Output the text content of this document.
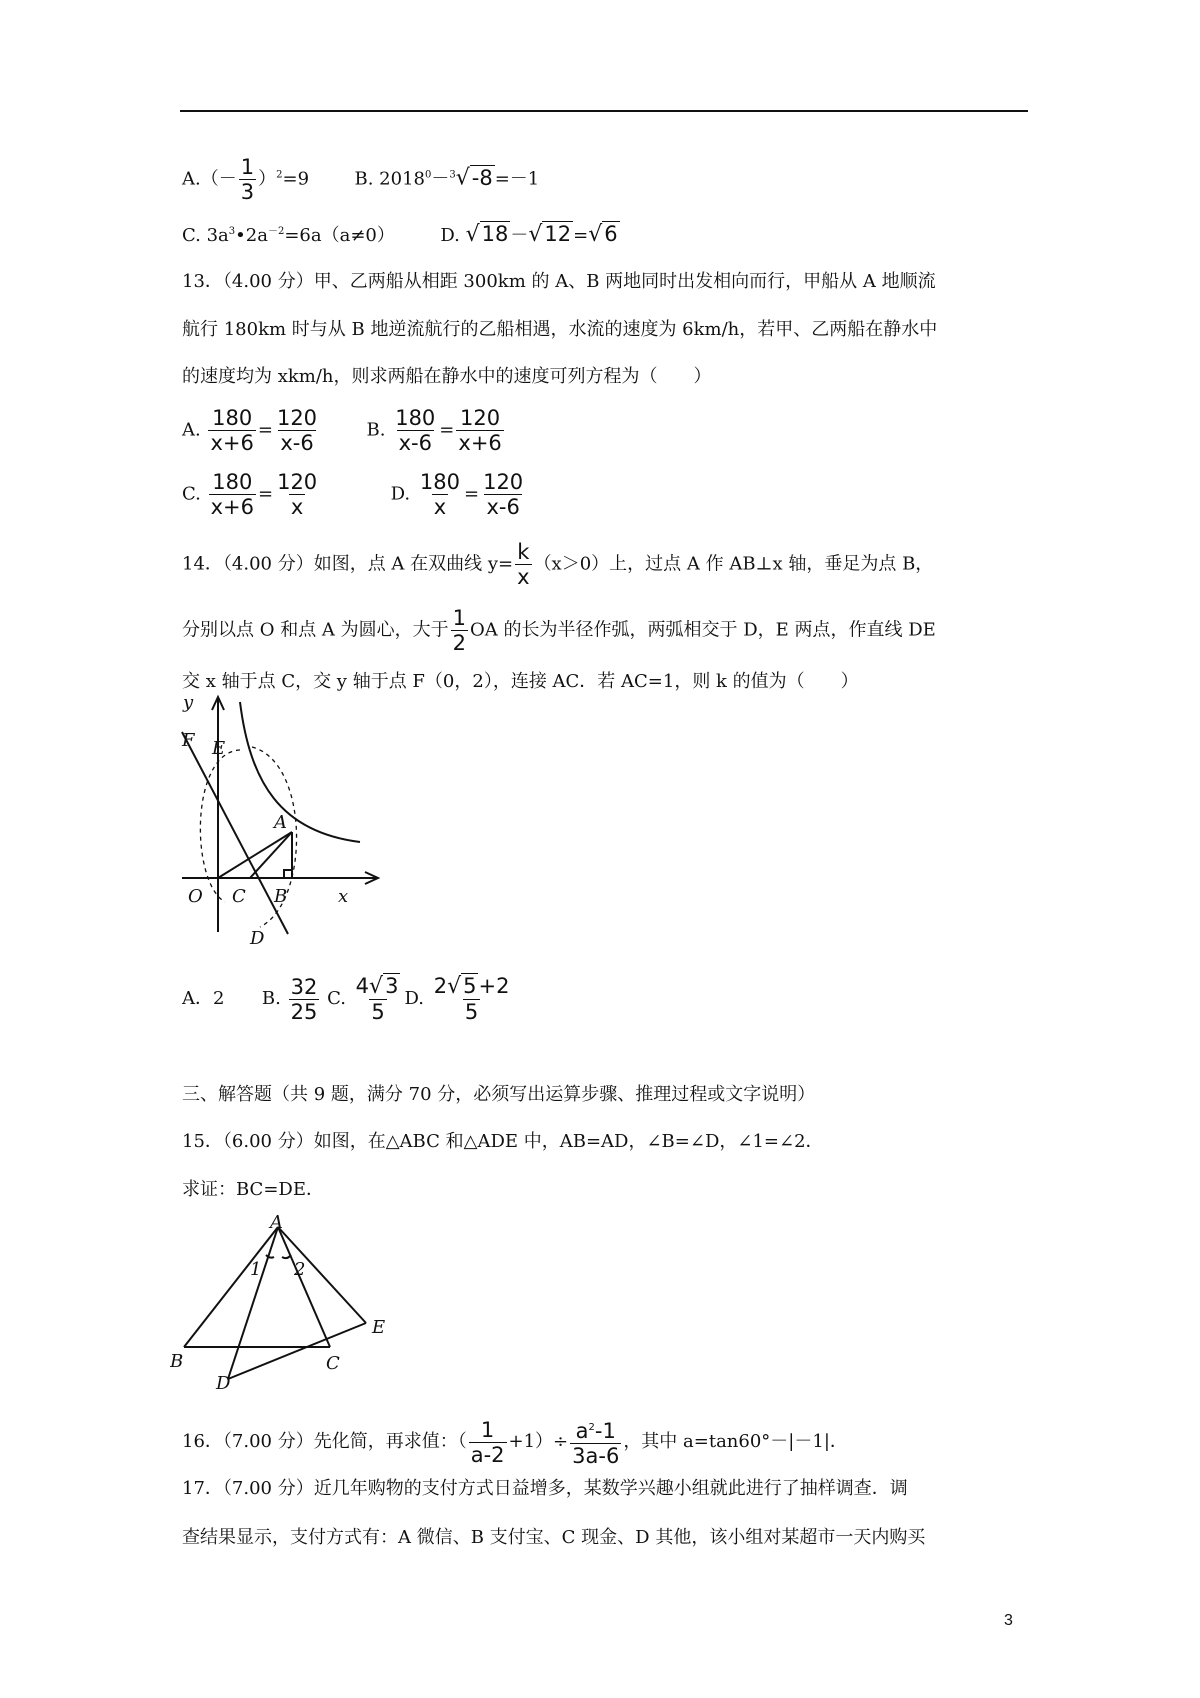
$A.(- \frac{1}{3} )^2=9$	B. $2018^0-^3√-8 =-1$
C. $3a^3•2a^{-2}=6a(a\ne 0)$	D. √18 －√12 =√6
13．（4.00 分）甲、乙两船从相距 300km 的 A、B 两地同时出发相向而行，甲船从 A 地顺流
航行 180km 时与从 B 地逆流航行的乙船相遇，水流的速度为 6km/h，若甲、乙两船在静水中
的速度均为 xkm/h，则求两船在静水中的速度可列方程为（　　）
A. $\frac{180}{x+6} = \frac{120}{x-6}$	B. $\frac{180}{x-6} = \frac{120}{x+6}$
C. $\frac{180}{x+6} = \frac{120}{x}$	D. $\frac{180}{x} = \frac{120}{x-6}$
14．（4.00 分）如图，点 A 在双曲线 $y= \frac{k}{x} (x>0)$上，过点 A 作 AB⊥x 轴，垂足为点 B，
分别以点 O 和点 A 为圆心，大于 $\frac{1}{2}$ OA 的长为半径作弧，两弧相交于 D，E 两点，作直线 DE
交 x 轴于点 C，交 y 轴于点 F（0，2），连接 AC．若 AC=1，则 k 的值为（　　）
y
x
O
F E
A
C B
D
A．2 B. $\frac{32}{25} C$. $\frac{4√3}{5} D$. $\frac{2√5+2}{5}$
三、解答题（共 9 题，满分 70 分，必须写出运算步骤、推理过程或文字说明）
15．（6.00 分）如图，在△ABC 和△ADE 中，AB=AD，∠B=∠D，∠1=∠2．
求证：BC=DE．
A
B	C
D
E
1 2
16．（7.00 分）先化简，再求值：（ $\frac{1}{a-2} +1)\div \frac{a^2-1}{3a-6}$ ，其中 a=tan60°－|－1|．
17．（7.00 分）近几年购物的支付方式日益增多，某数学兴趣小组就此进行了抽样调查．调
查结果显示，支付方式有：A 微信、B 支付宝、C 现金、D 其他，该小组对某超市一天内购买
3
